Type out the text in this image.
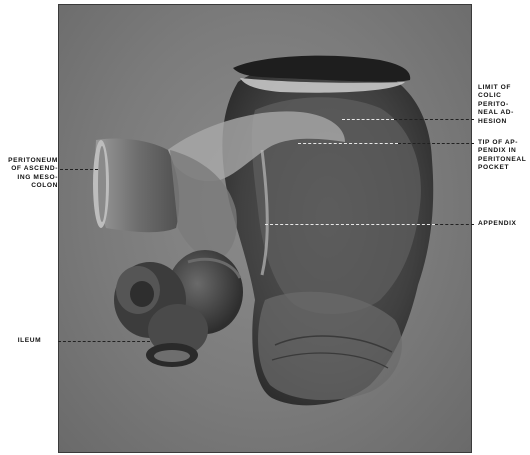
LIMIT OF
COLIC
PERITO-
NEAL AD-
HESION
TIP OF AP-
PENDIX IN
PERITONEAL
POCKET
APPENDIX
PERITONEUM
OF ASCEND-
ING MESO-
COLON
ILEUM
